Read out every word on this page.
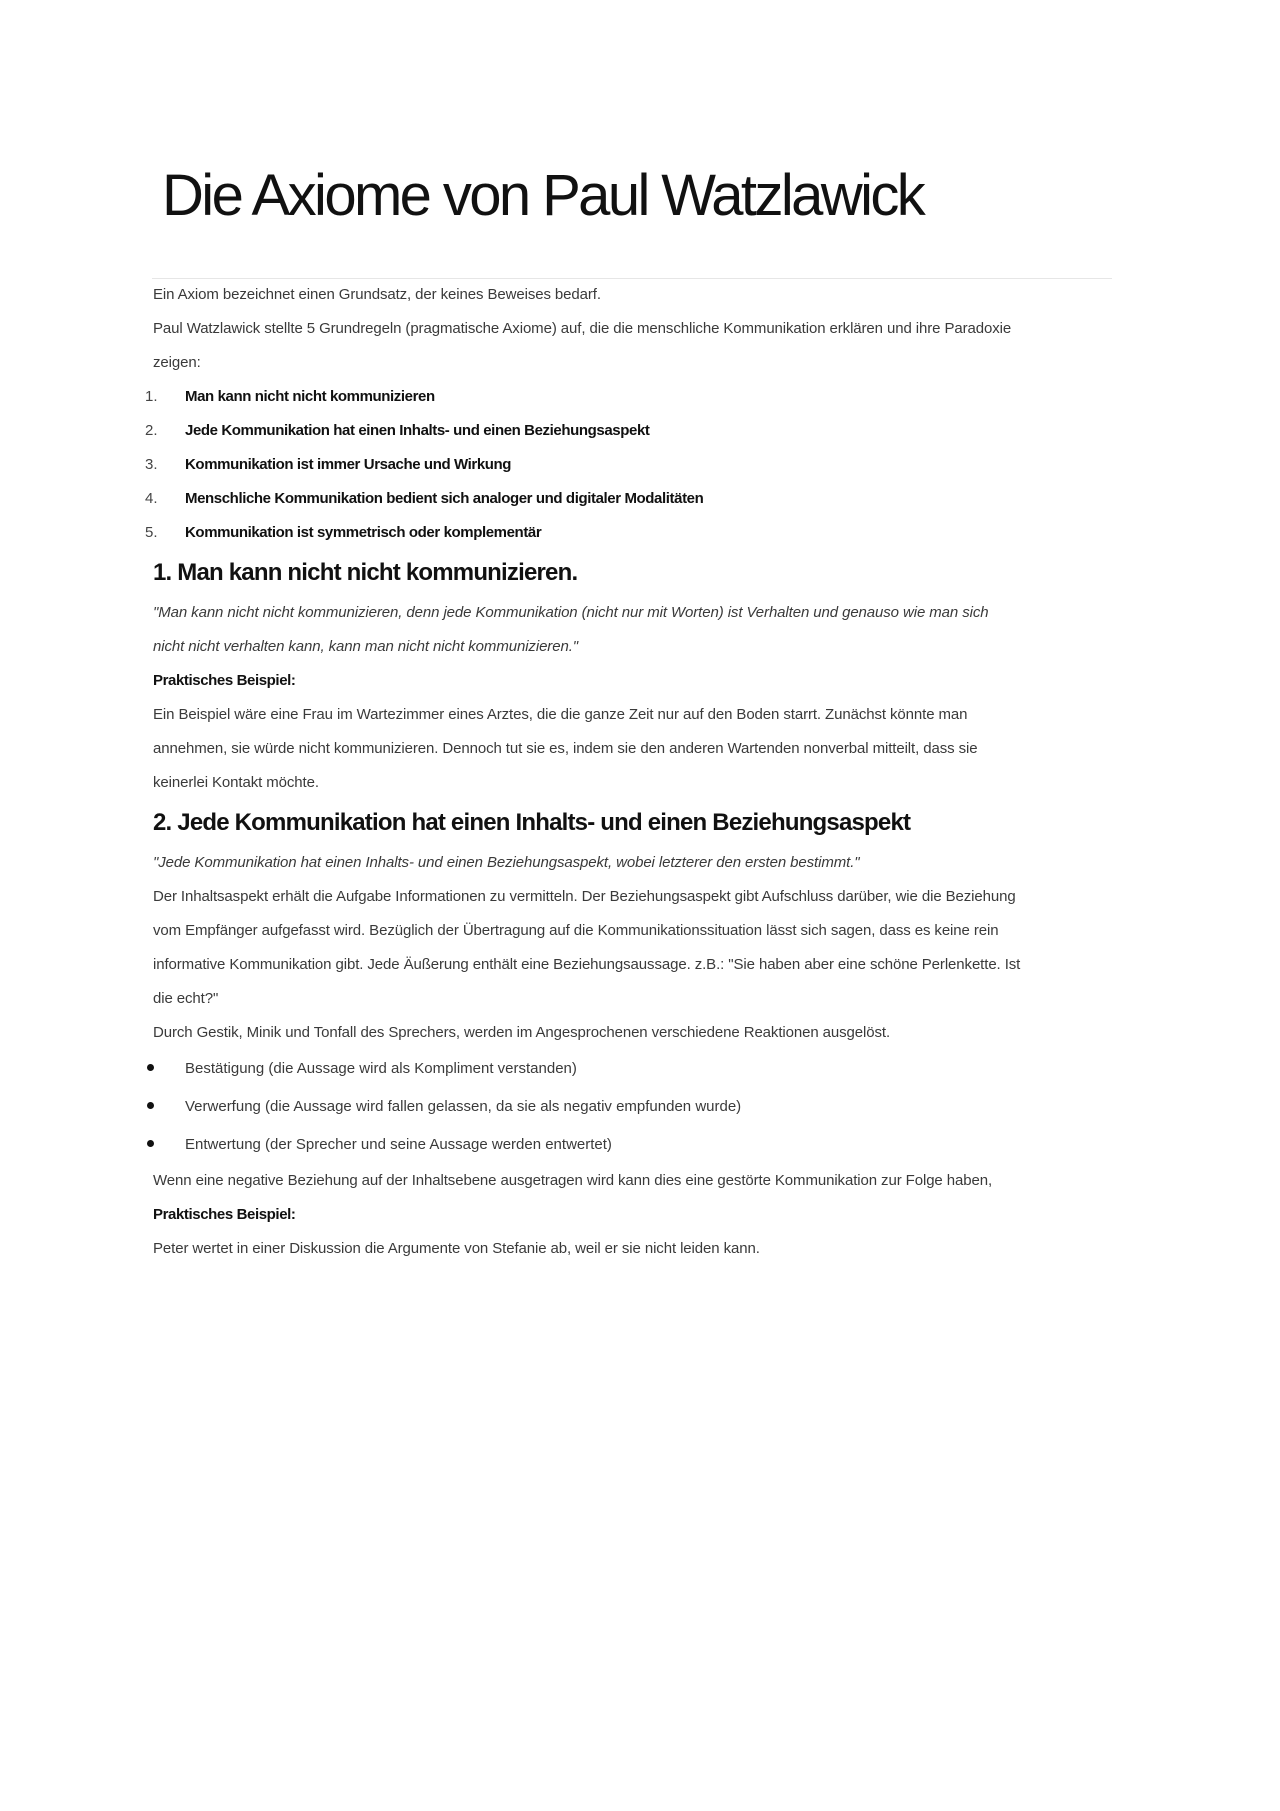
Die Axiome von Paul Watzlawick

Ein Axiom bezeichnet einen Grundsatz, der keines Beweises bedarf.

Paul Watzlawick stellte 5 Grundregeln (pragmatische Axiome) auf, die die menschliche Kommunikation erklären und ihre Paradoxie

zeigen:

1.	Man kann nicht nicht kommunizieren
2.	Jede Kommunikation hat einen Inhalts- und einen Beziehungsaspekt
3.	Kommunikation ist immer Ursache und Wirkung
4.	Menschliche Kommunikation bedient sich analoger und digitaler Modalitäten
5.	Kommunikation ist symmetrisch oder komplementär
1. Man kann nicht nicht kommunizieren.

"Man kann nicht nicht kommunizieren, denn jede Kommunikation (nicht nur mit Worten) ist Verhalten und genauso wie man sich

nicht nicht verhalten kann, kann man nicht nicht kommunizieren."

Praktisches Beispiel:

Ein Beispiel wäre eine Frau im Wartezimmer eines Arztes, die die ganze Zeit nur auf den Boden starrt. Zunächst könnte man

annehmen, sie würde nicht kommunizieren. Dennoch tut sie es, indem sie den anderen Wartenden nonverbal mitteilt, dass sie

keinerlei Kontakt möchte.

2. Jede Kommunikation hat einen Inhalts- und einen Beziehungsaspekt

"Jede Kommunikation hat einen Inhalts- und einen Beziehungsaspekt, wobei letzterer den ersten bestimmt."

Der Inhaltsaspekt erhält die Aufgabe Informationen zu vermitteln. Der Beziehungsaspekt gibt Aufschluss darüber, wie die Beziehung

vom Empfänger aufgefasst wird. Bezüglich der Übertragung auf die Kommunikationssituation lässt sich sagen, dass es keine rein

informative Kommunikation gibt. Jede Äußerung enthält eine Beziehungsaussage. z.B.: "Sie haben aber eine schöne Perlenkette. Ist

die echt?"

Durch Gestik, Minik und Tonfall des Sprechers, werden im Angesprochenen verschiedene Reaktionen ausgelöst.

Bestätigung (die Aussage wird als Kompliment verstanden)
Verwerfung (die Aussage wird fallen gelassen, da sie als negativ empfunden wurde)
Entwertung (der Sprecher und seine Aussage werden entwertet)

Wenn eine negative Beziehung auf der Inhaltsebene ausgetragen wird kann dies eine gestörte Kommunikation zur Folge haben,

Praktisches Beispiel:

Peter wertet in einer Diskussion die Argumente von Stefanie ab, weil er sie nicht leiden kann.
